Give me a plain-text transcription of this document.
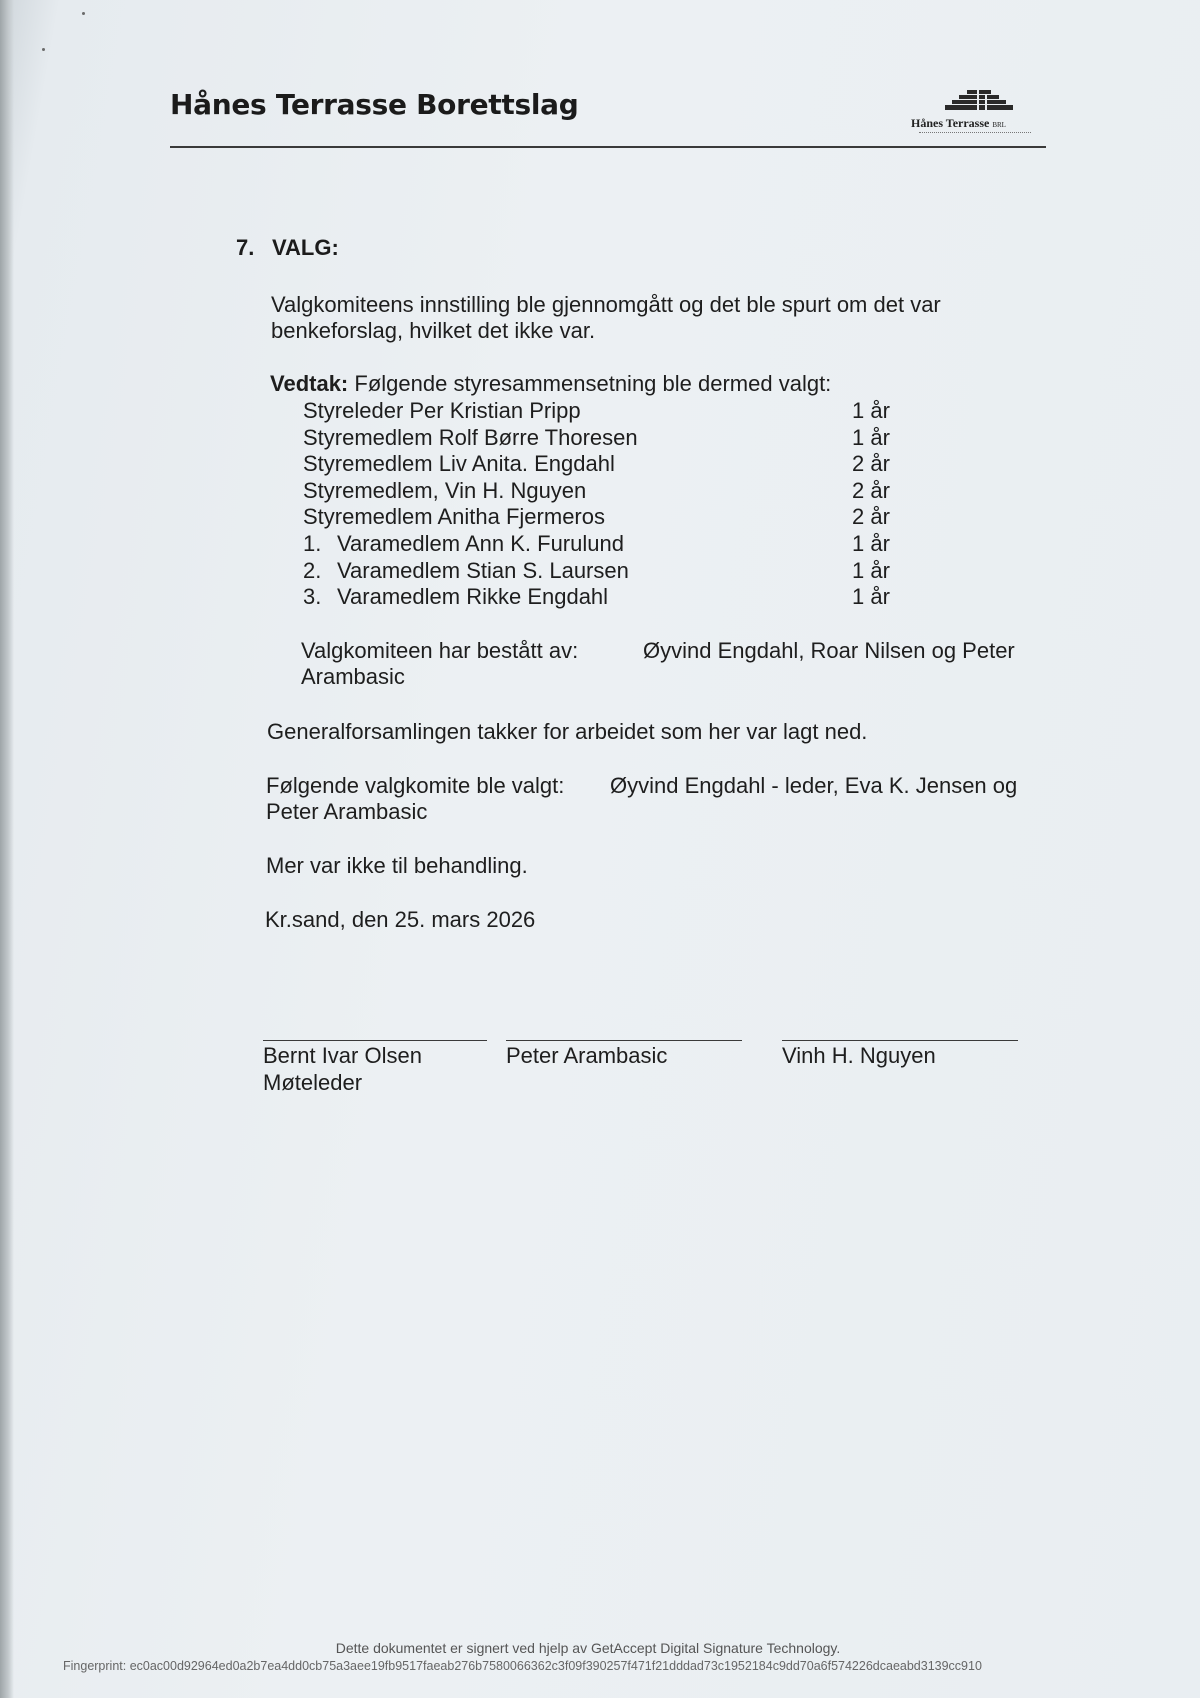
Hånes Terrasse Borettslag
Hånes Terrasse BRL
7. VALG:
Valgkomiteens innstilling ble gjennomgått og det ble spurt om det var benkeforslag, hvilket det ikke var.
Vedtak: Følgende styresammensetning ble dermed valgt:
Styreleder Per Kristian Pripp	1 år
Styremedlem Rolf Børre Thoresen	1 år
Styremedlem Liv Anita. Engdahl	2 år
Styremedlem, Vin H. Nguyen	2 år
Styremedlem Anitha Fjermeros	2 år
1. Varamedlem Ann K. Furulund	1 år
2. Varamedlem Stian S. Laursen	1 år
3. Varamedlem Rikke Engdahl	1 år
Valgkomiteen har bestått av:	Øyvind Engdahl, Roar Nilsen og Peter
Arambasic
Generalforsamlingen takker for arbeidet som her var lagt ned.
Følgende valgkomite ble valgt: Øyvind Engdahl - leder, Eva K. Jensen og
Peter Arambasic
Mer var ikke til behandling.
Kr.sand, den 25. mars 2026
Bernt Ivar Olsen
Møteleder
Peter Arambasic	Vinh H. Nguyen
Dette dokumentet er signert ved hjelp av GetAccept Digital Signature Technology.
Fingerprint: ec0ac00d92964ed0a2b7ea4dd0cb75a3aee19fb9517faeab276b7580066362c3f09f390257f471f21dddad73c1952184c9dd70a6f574226dcaeabd3139cc910
